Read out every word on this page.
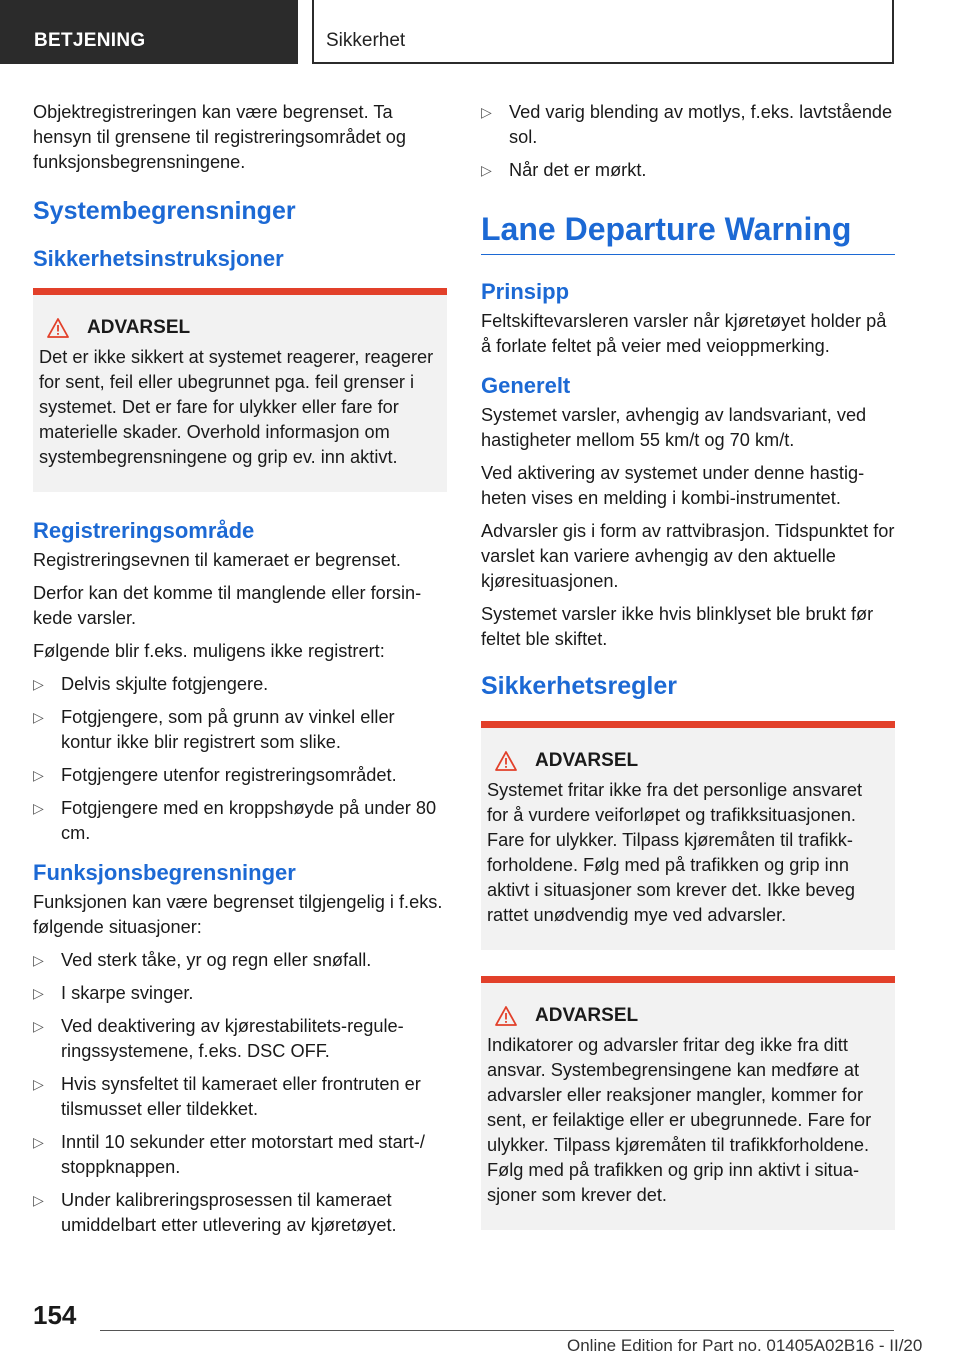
BETJENING	Sikkerhet

Objektregistreringen kan være begrenset. Ta hensyn til grensene til registreringsområdet og funksjonsbegrensningene.

Systembegrensninger
Sikkerhetsinstruksjoner
ADVARSEL

Det er ikke sikkert at systemet reagerer, reagerer for sent, feil eller ubegrunnet pga. feil grenser i systemet. Det er fare for ulykker eller fare for materielle skader. Overhold informasjon om systembegrensningene og grip ev. inn aktivt.

Registreringsområde

Registreringsevnen til kameraet er begrenset.

Derfor kan det komme til manglende eller forsinkede varsler.

Følgende blir f.eks. muligens ikke registrert:

▷ Delvis skjulte fotgjengere.
▷ Fotgjengere, som på grunn av vinkel eller kontur ikke blir registrert som slike.
▷ Fotgjengere utenfor registreringsområdet.
▷ Fotgjengere med en kroppshøyde på under 80 cm.
Funksjonsbegrensninger

Funksjonen kan være begrenset tilgjengelig i f.eks. følgende situasjoner:

▷ Ved sterk tåke, yr og regn eller snøfall.
▷ I skarpe svinger.
▷ Ved deaktivering av kjørestabilitets-reguleringssystemene, f.eks. DSC OFF.
▷ Hvis synsfeltet til kameraet eller frontruten er tilsmusset eller tildekket.
▷ Inntil 10 sekunder etter motorstart med start-/ stoppknappen.
▷ Under kalibreringsprosessen til kameraet umiddelbart etter utlevering av kjøretøyet.
▷ Ved varig blending av motlys, f.eks. lavtstående sol.
▷ Når det er mørkt.
Lane Departure Warning
Prinsipp

Feltskiftevarsleren varsler når kjøretøyet holder på å forlate feltet på veier med veioppmerking.

Generelt

Systemet varsler, avhengig av landsvariant, ved hastigheter mellom 55 km/t og 70 km/t.

Ved aktivering av systemet under denne hastigheten vises en melding i kombi-instrumentet.

Advarsler gis i form av rattvibrasjon. Tidspunktet for varslet kan variere avhengig av den aktuelle kjøresituasjonen.

Systemet varsler ikke hvis blinklyset ble brukt før feltet ble skiftet.

Sikkerhetsregler
ADVARSEL

Systemet fritar ikke fra det personlige ansvaret for å vurdere veiforløpet og trafikksituasjonen. Fare for ulykker. Tilpass kjøremåten til trafikkforholdene. Følg med på trafikken og grip inn aktivt i situasjoner som krever det. Ikke beveg rattet unødvendig mye ved advarsler.

ADVARSEL

Indikatorer og advarsler fritar deg ikke fra ditt ansvar. Systembegrensingene kan medføre at advarsler eller reaksjoner mangler, kommer for sent, er feilaktige eller er ubegrunnede. Fare for ulykker. Tilpass kjøremåten til trafikkforholdene. Følg med på trafikken og grip inn aktivt i situasjoner som krever det.

154
Online Edition for Part no. 01405A02B16 - II/20
